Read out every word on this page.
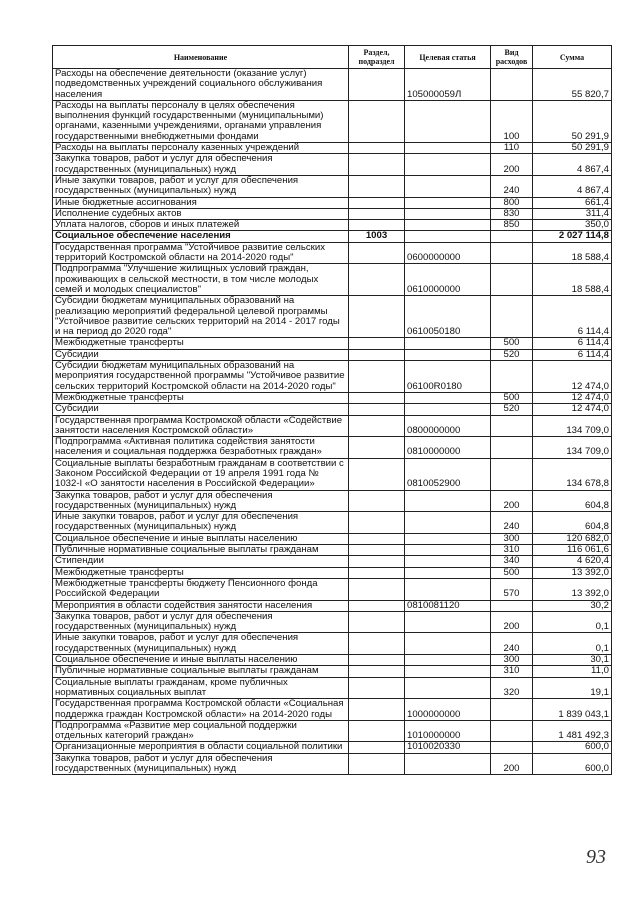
Наименование	Раздел, подраздел	Целевая статья	Вид расходов	Сумма
Расходы на обеспечение деятельности (оказание услуг) подведомственных учреждений социального обслуживания населения		105000059Л		55 820,7
Расходы на выплаты персоналу в целях обеспечения выполнения функций государственными (муниципальными) органами, казенными учреждениями, органами управления государственными внебюджетными фондами			100	50 291,9
Расходы на выплаты персоналу казенных учреждений			110	50 291,9
Закупка товаров, работ и услуг для обеспечения государственных (муниципальных) нужд			200	4 867,4
Иные закупки товаров, работ и услуг для обеспечения государственных (муниципальных) нужд			240	4 867,4
Иные бюджетные ассигнования			800	661,4
Исполнение судебных актов			830	311,4
Уплата налогов, сборов и иных платежей			850	350,0
Социальное обеспечение населения	1003			2 027 114,8
Государственная программа "Устойчивое развитие сельских территорий Костромской области на 2014-2020 годы"		0600000000		18 588,4
Подпрограмма "Улучшение жилищных условий граждан, проживающих в сельской местности, в том числе молодых семей и молодых специалистов"		0610000000		18 588,4
Субсидии бюджетам муниципальных образований на реализацию мероприятий федеральной целевой программы "Устойчивое развитие сельских территорий на 2014 - 2017 годы и на период до 2020 года"		0610050180		6 114,4
Межбюджетные трансферты			500	6 114,4
Субсидии			520	6 114,4
Субсидии бюджетам муниципальных образований на мероприятия государственной программы "Устойчивое развитие сельских территорий Костромской области на 2014-2020 годы"		06100R0180		12 474,0
Межбюджетные трансферты			500	12 474,0
Субсидии			520	12 474,0
Государственная программа Костромской области «Содействие занятости населения Костромской области»		0800000000		134 709,0
Подпрограмма «Активная политика содействия занятости населения и социальная поддержка безработных граждан»		0810000000		134 709,0
Социальные выплаты безработным гражданам в соответствии с Законом Российской Федерации от 19 апреля 1991 года № 1032-I «О занятости населения в Российской Федерации»		0810052900		134 678,8
Закупка товаров, работ и услуг для обеспечения государственных (муниципальных) нужд			200	604,8
Иные закупки товаров, работ и услуг для обеспечения государственных (муниципальных) нужд			240	604,8
Социальное обеспечение и иные выплаты населению			300	120 682,0
Публичные нормативные социальные выплаты гражданам			310	116 061,6
Стипендии			340	4 620,4
Межбюджетные трансферты			500	13 392,0
Межбюджетные трансферты бюджету Пенсионного фонда Российской Федерации			570	13 392,0
Мероприятия в области содействия занятости населения		0810081120		30,2
Закупка товаров, работ и услуг для обеспечения государственных (муниципальных) нужд			200	0,1
Иные закупки товаров, работ и услуг для обеспечения государственных (муниципальных) нужд			240	0,1
Социальное обеспечение и иные выплаты населению			300	30,1
Публичные нормативные социальные выплаты гражданам			310	11,0
Социальные выплаты гражданам, кроме публичных нормативных социальных выплат			320	19,1
Государственная программа Костромской области «Социальная поддержка граждан Костромской области» на 2014-2020 годы		1000000000		1 839 043,1
Подпрограмма «Развитие мер социальной поддержки отдельных категорий граждан»		1010000000		1 481 492,3
Организационные мероприятия в области социальной политики		1010020330		600,0
Закупка товаров, работ и услуг для обеспечения государственных (муниципальных) нужд			200	600,0
93
